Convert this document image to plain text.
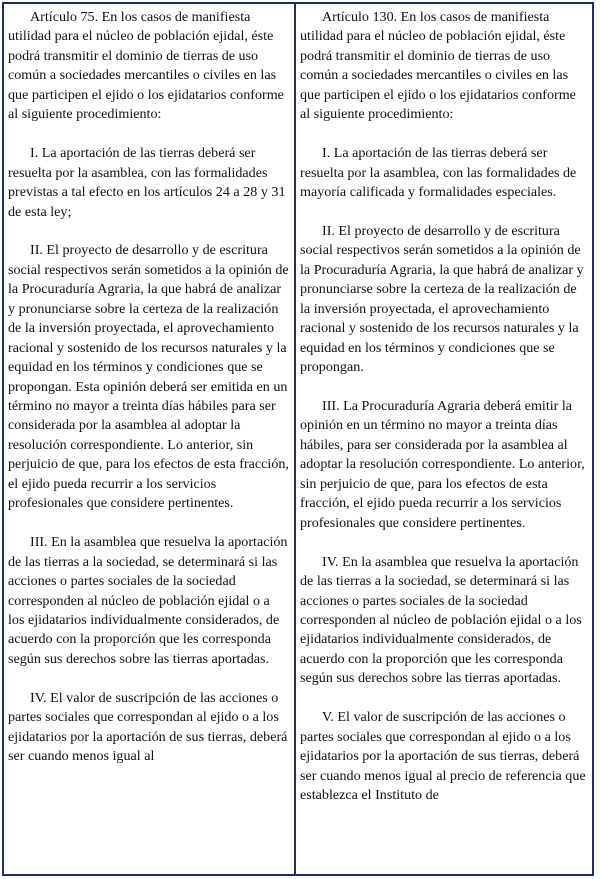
Artículo 75. En los casos de manifiesta utilidad para el núcleo de población ejidal, éste podrá transmitir el dominio de tierras de uso común a sociedades mercantiles o civiles en las que participen el ejido o los ejidatarios conforme al siguiente procedimiento:

I. La aportación de las tierras deberá ser resuelta por la asamblea, con las formalidades previstas a tal efecto en los artículos 24 a 28 y 31 de esta ley;

II. El proyecto de desarrollo y de escritura social respectivos serán sometidos a la opinión de la Procuraduría Agraria, la que habrá de analizar y pronunciarse sobre la certeza de la realización de la inversión proyectada, el aprovechamiento racional y sostenido de los recursos naturales y la equidad en los términos y condiciones que se propongan. Esta opinión deberá ser emitida en un término no mayor a treinta días hábiles para ser considerada por la asamblea al adoptar la resolución correspondiente. Lo anterior, sin perjuicio de que, para los efectos de esta fracción, el ejido pueda recurrir a los servicios profesionales que considere pertinentes.

III. En la asamblea que resuelva la aportación de las tierras a la sociedad, se determinará si las acciones o partes sociales de la sociedad corresponden al núcleo de población ejidal o a los ejidatarios individualmente considerados, de acuerdo con la proporción que les corresponda según sus derechos sobre las tierras aportadas.

IV. El valor de suscripción de las acciones o partes sociales que correspondan al ejido o a los ejidatarios por la aportación de sus tierras, deberá ser cuando menos igual al

Artículo 130. En los casos de manifiesta utilidad para el núcleo de población ejidal, éste podrá transmitir el dominio de tierras de uso común a sociedades mercantiles o civiles en las que participen el ejido o los ejidatarios conforme al siguiente procedimiento:

I. La aportación de las tierras deberá ser resuelta por la asamblea, con las formalidades de mayoría calificada y formalidades especiales.

II. El proyecto de desarrollo y de escritura social respectivos serán sometidos a la opinión de la Procuraduría Agraria, la que habrá de analizar y pronunciarse sobre la certeza de la realización de la inversión proyectada, el aprovechamiento racional y sostenido de los recursos naturales y la equidad en los términos y condiciones que se propongan.

III. La Procuraduría Agraria deberá emitir la opinión en un término no mayor a treinta días hábiles, para ser considerada por la asamblea al adoptar la resolución correspondiente. Lo anterior, sin perjuicio de que, para los efectos de esta fracción, el ejido pueda recurrir a los servicios profesionales que considere pertinentes.

IV. En la asamblea que resuelva la aportación de las tierras a la sociedad, se determinará si las acciones o partes sociales de la sociedad corresponden al núcleo de población ejidal o a los ejidatarios individualmente considerados, de acuerdo con la proporción que les corresponda según sus derechos sobre las tierras aportadas.

V. El valor de suscripción de las acciones o partes sociales que correspondan al ejido o a los ejidatarios por la aportación de sus tierras, deberá ser cuando menos igual al precio de referencia que establezca el Instituto de
